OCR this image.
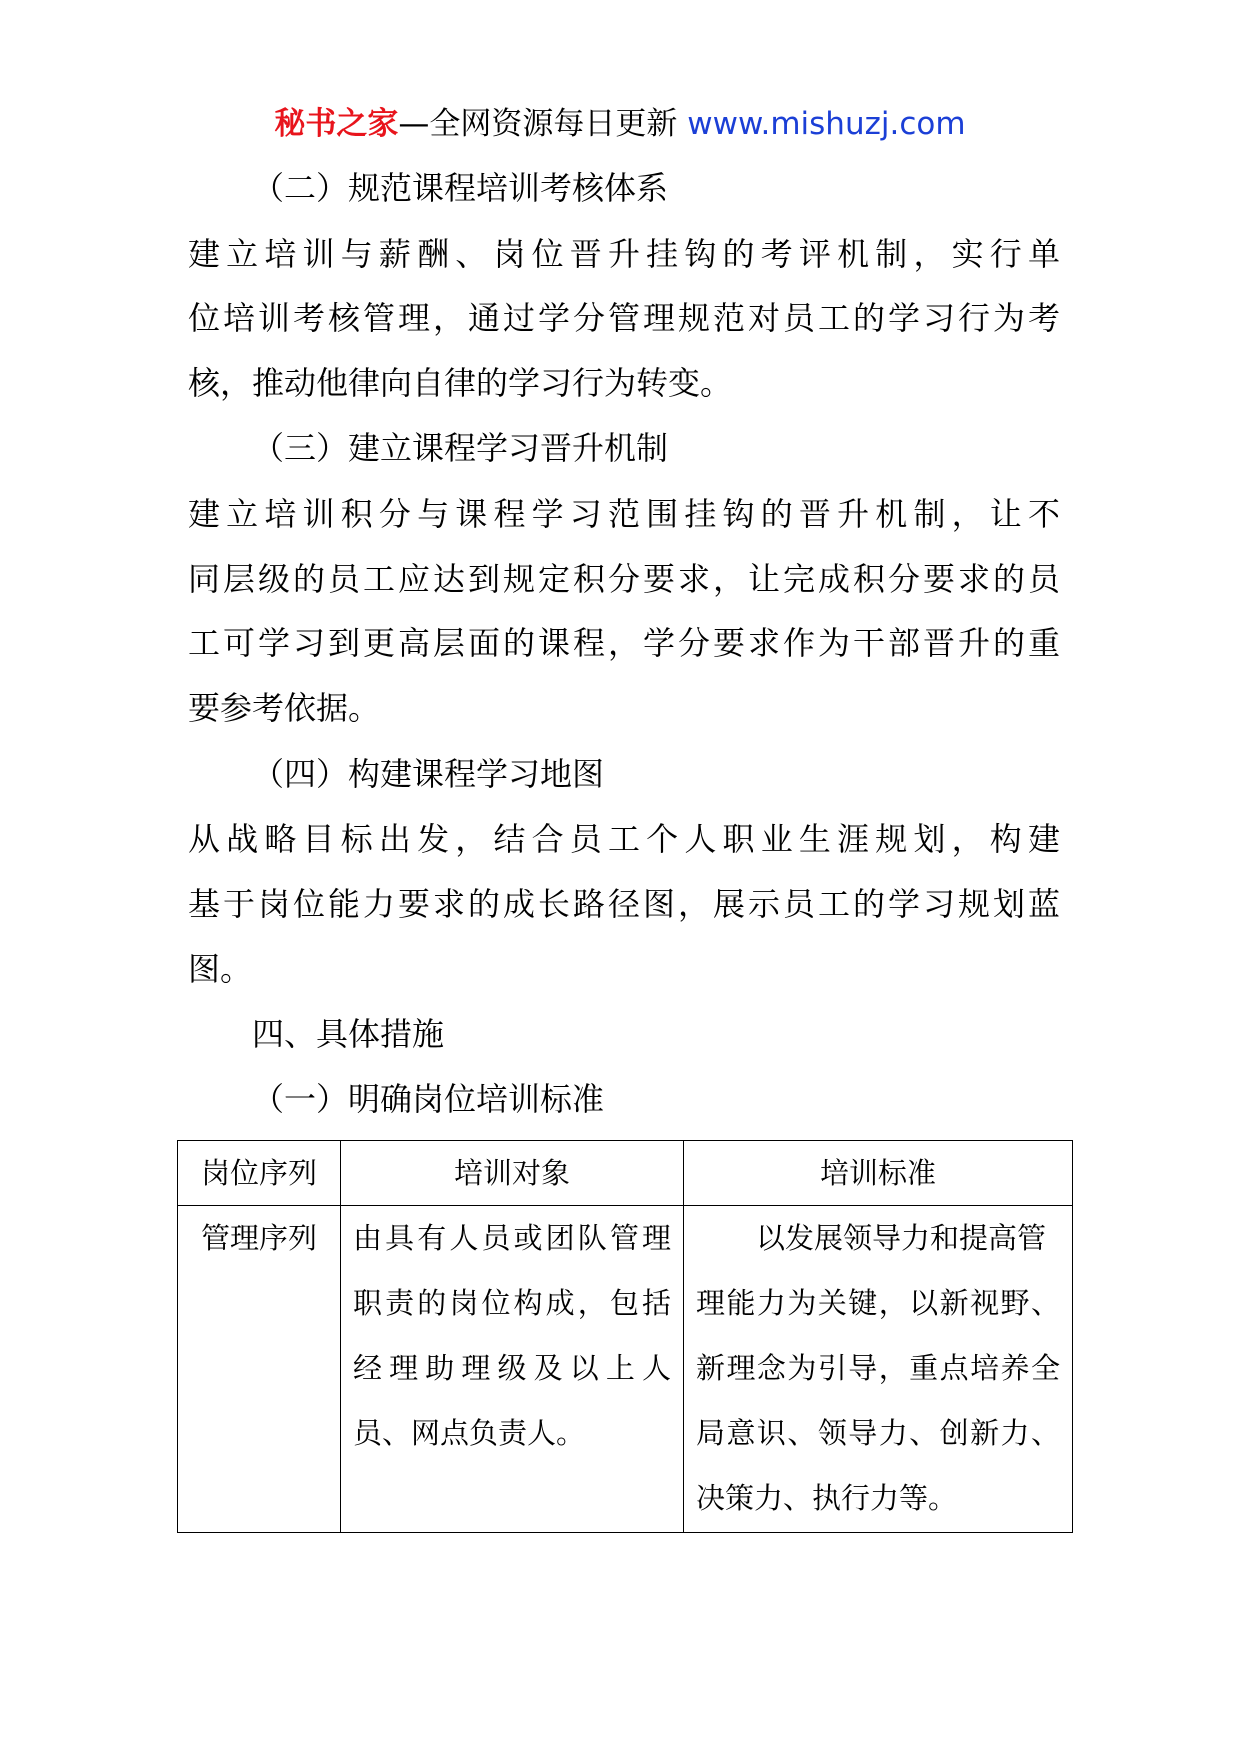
秘书之家—全网资源每日更新 www.mishuzj.com
（二）规范课程培训考核体系
建立培训与薪酬、岗位晋升挂钩的考评机制，实行单
位培训考核管理，通过学分管理规范对员工的学习行为考
核，推动他律向自律的学习行为转变。
（三）建立课程学习晋升机制
建立培训积分与课程学习范围挂钩的晋升机制，让不
同层级的员工应达到规定积分要求，让完成积分要求的员
工可学习到更高层面的课程，学分要求作为干部晋升的重
要参考依据。
（四）构建课程学习地图
从战略目标出发，结合员工个人职业生涯规划，构建
基于岗位能力要求的成长路径图，展示员工的学习规划蓝
图。
四、具体措施
（一）明确岗位培训标准
岗位序列	培训对象	培训标准

管理序列	由具有人员或团队管理
职责的岗位构成，包括
经理助理级及以上人
员、网点负责人。	以发展领导力和提高管
理能力为关键，以新视野、
新理念为引导，重点培养全
局意识、领导力、创新力、
决策力、执行力等。
